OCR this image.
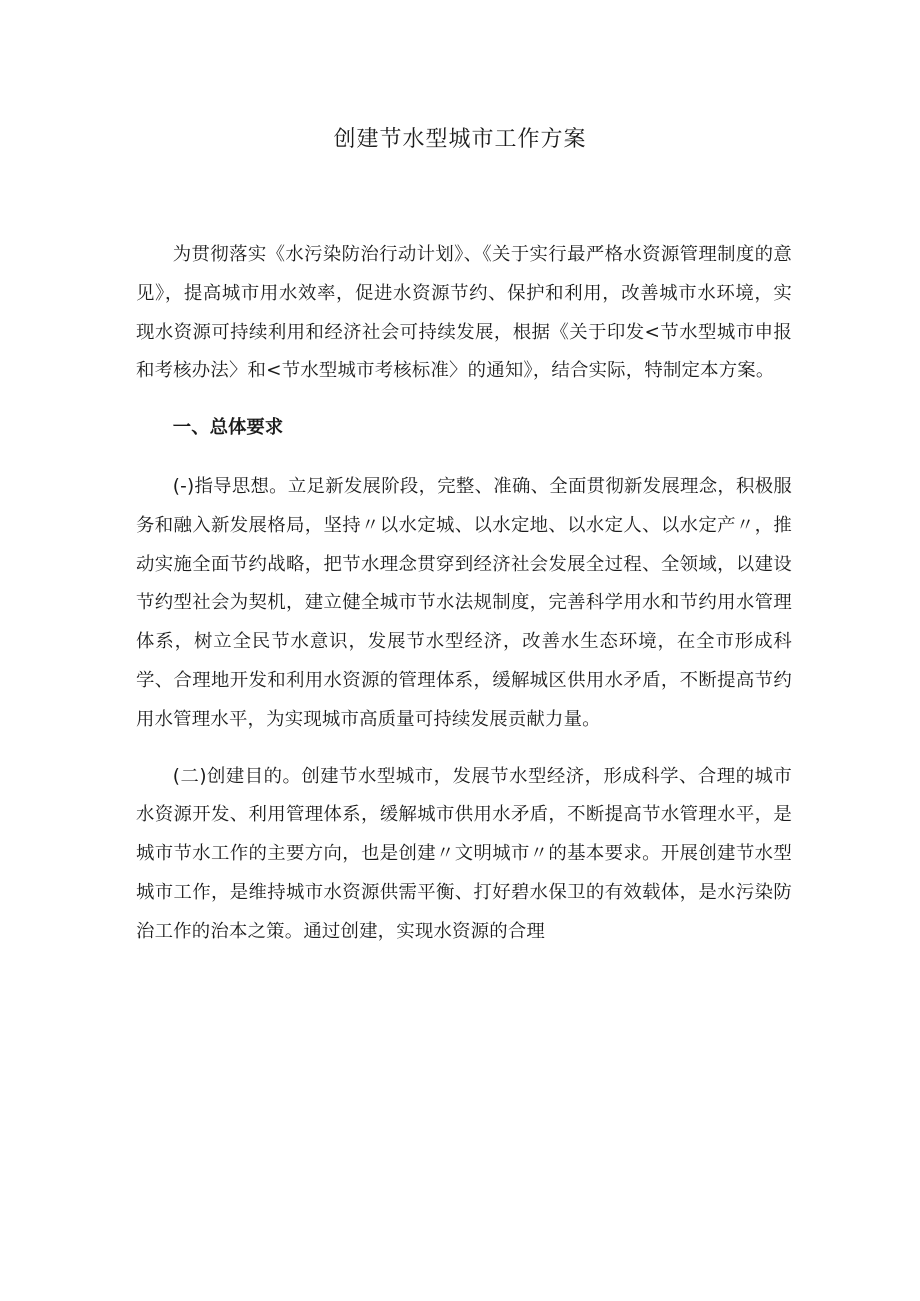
创建节水型城市工作方案

为贯彻落实《水污染防治行动计划》、《关于实行最严格水资源管理制度的意见》，提高城市用水效率，促进水资源节约、保护和利用，改善城市水环境，实现水资源可持续利用和经济社会可持续发展，根据《关于印发<节水型城市申报和考核办法〉和<节水型城市考核标准〉的通知》，结合实际，特制定本方案。

一、总体要求

(-)指导思想。立足新发展阶段，完整、准确、全面贯彻新发展理念，积极服务和融入新发展格局，坚持〃以水定城、以水定地、以水定人、以水定产〃，推动实施全面节约战略，把节水理念贯穿到经济社会发展全过程、全领域，以建设节约型社会为契机，建立健全城市节水法规制度，完善科学用水和节约用水管理体系，树立全民节水意识，发展节水型经济，改善水生态环境，在全市形成科学、合理地开发和利用水资源的管理体系，缓解城区供用水矛盾，不断提高节约用水管理水平，为实现城市高质量可持续发展贡献力量。

(二)创建目的。创建节水型城市，发展节水型经济，形成科学、合理的城市水资源开发、利用管理体系，缓解城市供用水矛盾，不断提高节水管理水平，是城市节水工作的主要方向，也是创建〃文明城市〃的基本要求。开展创建节水型城市工作，是维持城市水资源供需平衡、打好碧水保卫的有效载体，是水污染防治工作的治本之策。通过创建，实现水资源的合理
